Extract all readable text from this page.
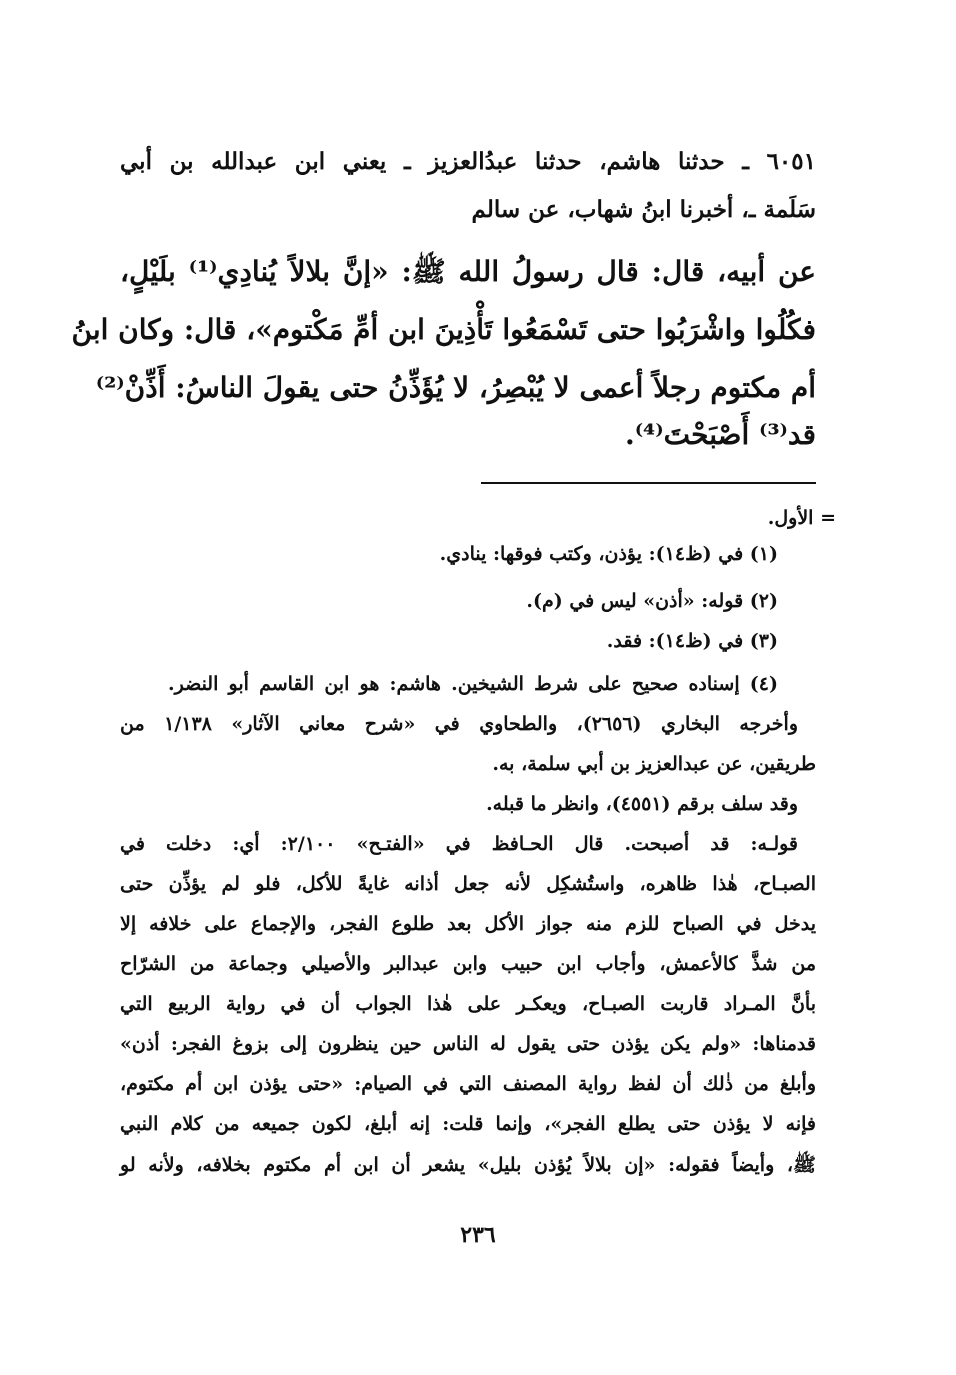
٦٠٥١ ـ حدثنا هاشم، حدثنا عبدُالعزيز ـ يعني ابن عبدالله بن أبي
سَلَمة ـ، أخبرنا ابنُ شهاب، عن سالم
عن أبيه، قال: قال رسولُ الله ﷺ: «إنَّ بلالاً يُنادِي⁽¹⁾ بلَيْلٍ،
فكُلُوا واشْرَبُوا حتى تَسْمَعُوا تَأْذِينَ ابن أمِّ مَكْتوم»، قال: وكان ابنُ
أم مكتوم رجلاً أعمى لا يُبْصِرُ، لا يُؤَذِّنُ حتى يقولَ الناسُ: أَذِّنْ⁽²⁾
قد⁽³⁾ أَصْبَحْتَ⁽⁴⁾.
= الأول.
(١) في (ظ١٤): يؤذن، وكتب فوقها: ينادي.
(٢) قوله: «أذن» ليس في (م).
(٣) في (ظ١٤): فقد.
(٤) إسناده صحيح على شرط الشيخين. هاشم: هو ابن القاسم أبو النضر.
وأخرجه البخاري (٢٦٥٦)، والطحاوي في «شرح معاني الآثار» ١/١٣٨ من
طريقين، عن عبدالعزيز بن أبي سلمة، به.
وقد سلف برقم (٤٥٥١)، وانظر ما قبله.
قولـه: قد أصبحت. قال الحـافظ في «الفتـح» ٢/١٠٠: أي: دخلت في
الصبـاح، هٰذا ظاهره، واستُشكِل لأنه جعل أذانه غايةً للأكل، فلو لم يؤذِّن حتى
يدخل في الصباح للزم منه جواز الأكل بعد طلوع الفجر، والإجماع على خلافه إلا
من شذَّ كالأعمش، وأجاب ابن حبيب وابن عبدالبر والأصيلي وجماعة من الشرّاح
بأنَّ المـراد قاربت الصبـاح، ويعكـر على هٰذا الجواب أن في رواية الربيع التي
قدمناها: «ولم يكن يؤذن حتى يقول له الناس حين ينظرون إلى بزوغ الفجر: أذن»
وأبلغ من ذٰلك أن لفظ رواية المصنف التي في الصيام: «حتى يؤذن ابن أم مكتوم،
فإنه لا يؤذن حتى يطلع الفجر»، وإنما قلت: إنه أبلغ، لكون جميعه من كلام النبي
ﷺ، وأيضاً فقوله: «إن بلالاً يُؤذن بليل» يشعر أن ابن أم مكتوم بخلافه، ولأنه لو
٢٣٦
